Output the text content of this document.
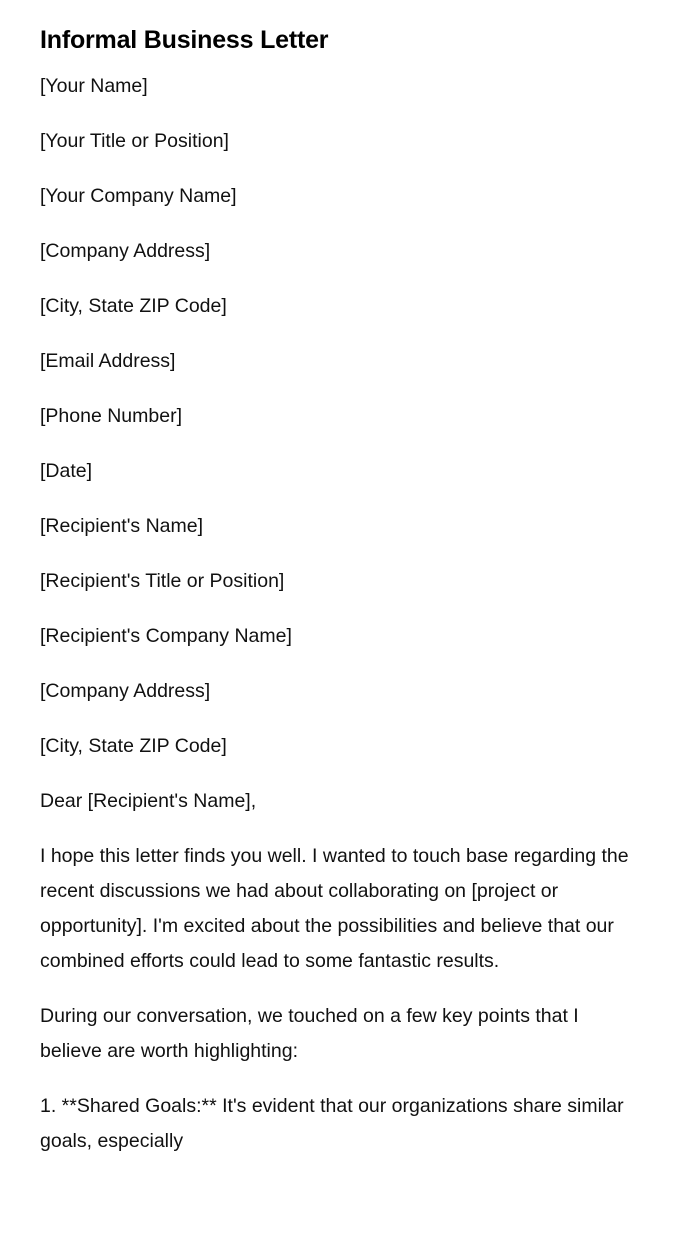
Informal Business Letter

[Your Name]

[Your Title or Position]

[Your Company Name]

[Company Address]

[City, State ZIP Code]

[Email Address]

[Phone Number]

[Date]

[Recipient's Name]

[Recipient's Title or Position]

[Recipient's Company Name]

[Company Address]

[City, State ZIP Code]

Dear [Recipient's Name],

I hope this letter finds you well. I wanted to touch base regarding the recent discussions we had about collaborating on [project or opportunity]. I'm excited about the possibilities and believe that our combined efforts could lead to some fantastic results.

During our conversation, we touched on a few key points that I believe are worth highlighting:

1. **Shared Goals:** It's evident that our organizations share similar goals, especially
